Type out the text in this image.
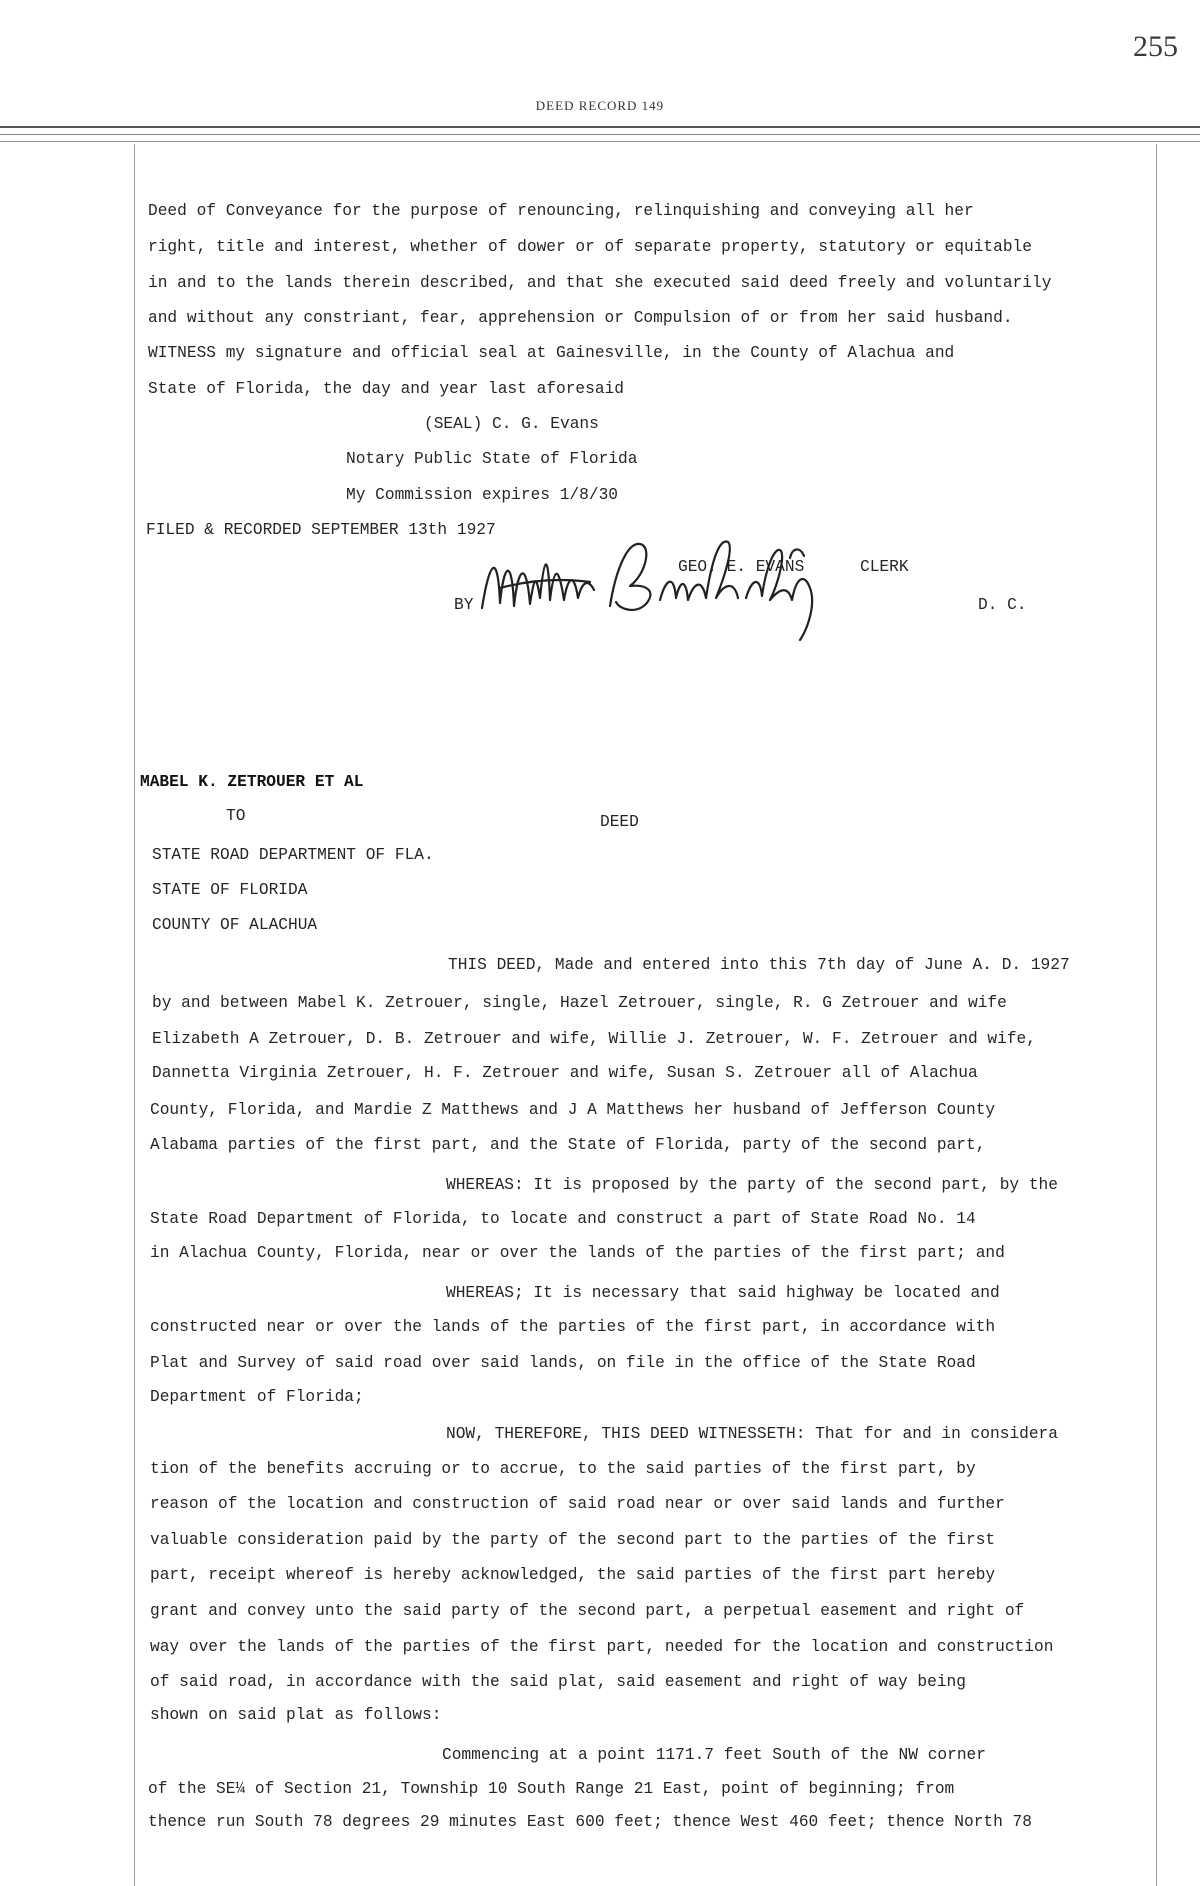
255
DEED RECORD 149
Deed of Conveyance for the purpose of renouncing, relinquishing and conveying all her
right, title and interest, whether of dower or of separate property, statutory or equitable
in and to the lands therein described, and that she executed said deed freely and voluntarily
and without any constriant, fear, apprehension or Compulsion of or from her said husband.
WITNESS my signature and official seal at Gainesville, in the County of Alachua and
State of Florida, the day and year last aforesaid
(SEAL) C. G. Evans
Notary Public State of Florida
My Commission expires 1/8/30
FILED & RECORDED SEPTEMBER 13th 1927
GEO. E. EVANS	CLERK
BY	D. C.
MABEL K. ZETROUER ET AL
TO	DEED
STATE ROAD DEPARTMENT OF FLA.
STATE OF FLORIDA
COUNTY OF ALACHUA
THIS DEED, Made and entered into this 7th day of June A. D. 1927
by and between Mabel K. Zetrouer, single, Hazel Zetrouer, single, R. G Zetrouer and wife
Elizabeth A Zetrouer, D. B. Zetrouer and wife, Willie J. Zetrouer, W. F. Zetrouer and wife,
Dannetta Virginia Zetrouer, H. F. Zetrouer and wife, Susan S. Zetrouer all of Alachua
County, Florida, and Mardie Z Matthews and J A Matthews her husband of Jefferson County
Alabama parties of the first part, and the State of Florida, party of the second part,
WHEREAS: It is proposed by the party of the second part, by the
State Road Department of Florida, to locate and construct a part of State Road No. 14
in Alachua County, Florida, near or over the lands of the parties of the first part; and
WHEREAS; It is necessary that said highway be located and
constructed near or over the lands of the parties of the first part, in accordance with
Plat and Survey of said road over said lands, on file in the office of the State Road
Department of Florida;
NOW, THEREFORE, THIS DEED WITNESSETH: That for and in considera
tion of the benefits accruing or to accrue, to the said parties of the first part, by
reason of the location and construction of said road near or over said lands and further
valuable consideration paid by the party of the second part to the parties of the first
part, receipt whereof is hereby acknowledged, the said parties of the first part hereby
grant and convey unto the said party of the second part, a perpetual easement and right of
way over the lands of the parties of the first part, needed for the location and construction
of said road, in accordance with the said plat, said easement and right of way being
shown on said plat as follows:
Commencing at a point 1171.7 feet South of the NW corner
of the SE¼ of Section 21, Township 10 South Range 21 East, point of beginning; from
thence run South 78 degrees 29 minutes East 600 feet; thence West 460 feet; thence North 78
